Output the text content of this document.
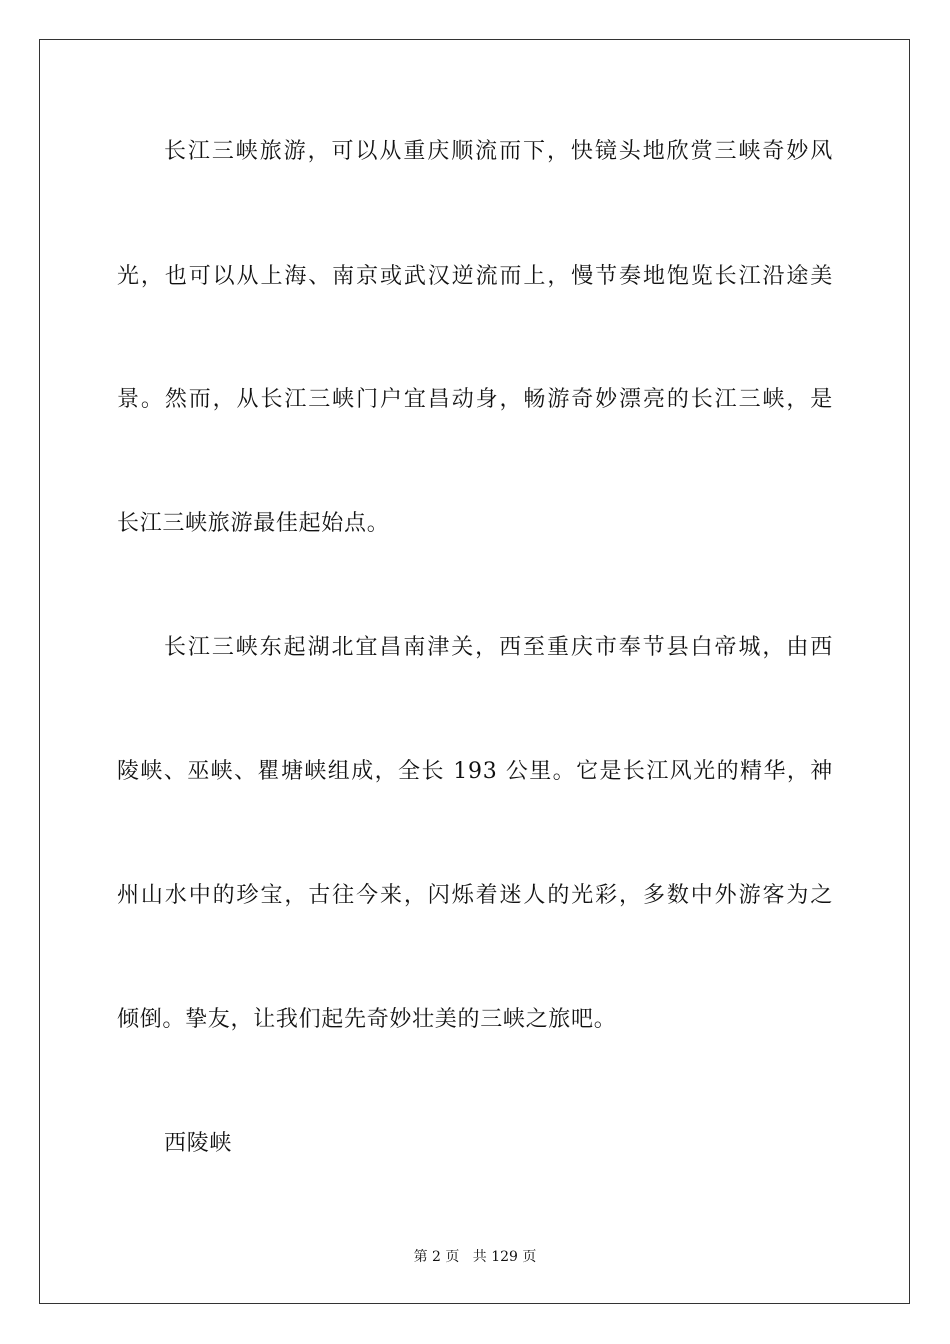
长江三峡旅游，可以从重庆顺流而下，快镜头地欣赏三峡奇妙风
光，也可以从上海、南京或武汉逆流而上，慢节奏地饱览长江沿途美
景。然而，从长江三峡门户宜昌动身，畅游奇妙漂亮的长江三峡，是
长江三峡旅游最佳起始点。
长江三峡东起湖北宜昌南津关，西至重庆市奉节县白帝城，由西
陵峡、巫峡、瞿塘峡组成，全长 193 公里。它是长江风光的精华，神
州山水中的珍宝，古往今来，闪烁着迷人的光彩，多数中外游客为之
倾倒。挚友，让我们起先奇妙壮美的三峡之旅吧。
西陵峡
第 2 页   共 129 页
